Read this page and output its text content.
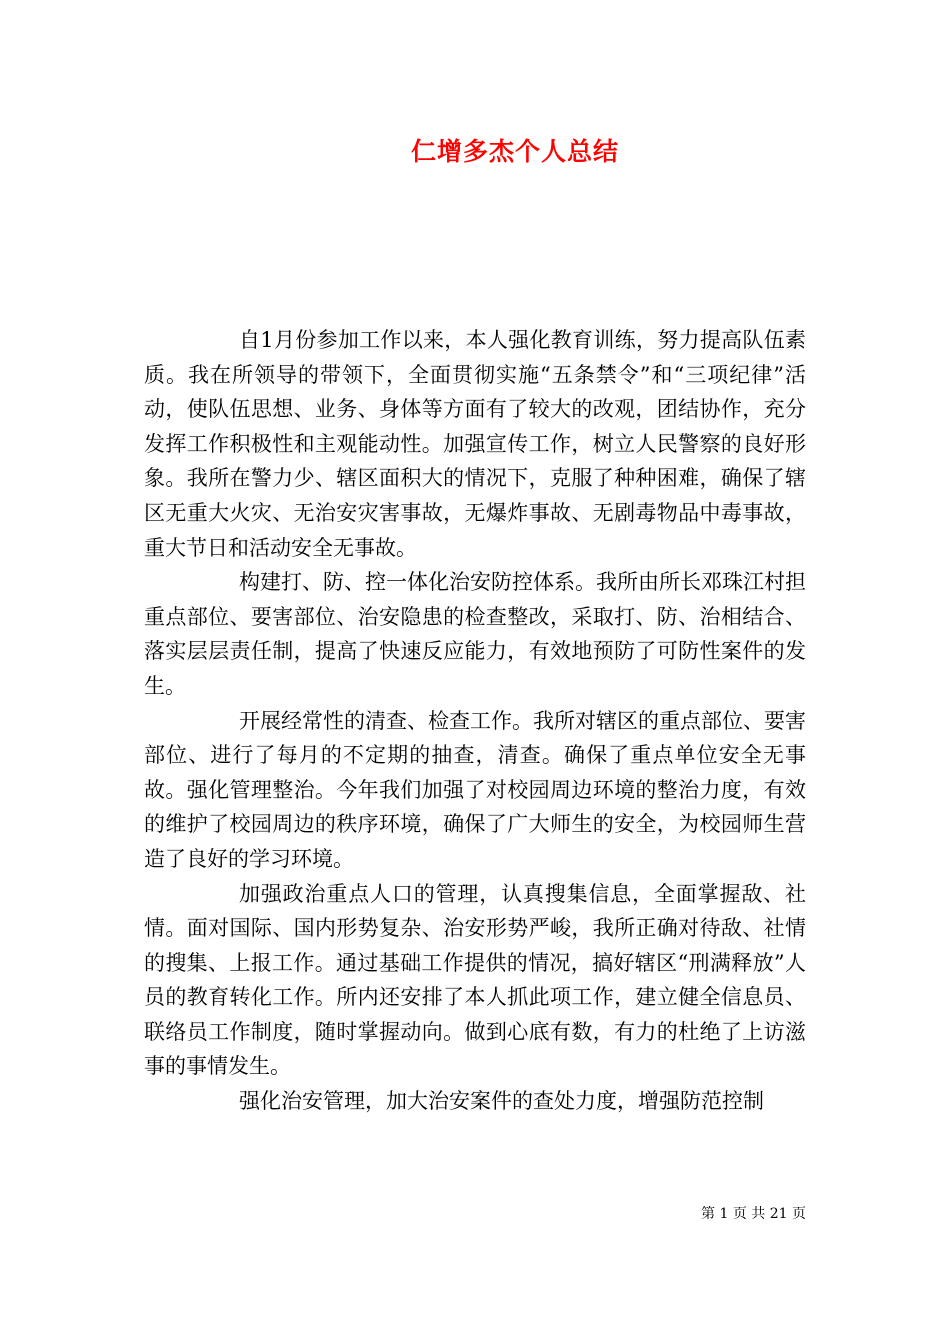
仁增多杰个人总结

自1月份参加工作以来，本人强化教育训练，努力提高队伍素质。我在所领导的带领下，全面贯彻实施“五条禁令”和“三项纪律”活动，使队伍思想、业务、身体等方面有了较大的改观，团结协作，充分发挥工作积极性和主观能动性。加强宣传工作，树立人民警察的良好形象。我所在警力少、辖区面积大的情况下，克服了种种困难，确保了辖区无重大火灾、无治安灾害事故，无爆炸事故、无剧毒物品中毒事故，重大节日和活动安全无事故。

构建打、防、控一体化治安防控体系。我所由所长邓珠江村担重点部位、要害部位、治安隐患的检查整改，采取打、防、治相结合、落实层层责任制，提高了快速反应能力，有效地预防了可防性案件的发生。

开展经常性的清查、检查工作。我所对辖区的重点部位、要害部位、进行了每月的不定期的抽查，清查。确保了重点单位安全无事故。强化管理整治。今年我们加强了对校园周边环境的整治力度，有效的维护了校园周边的秩序环境，确保了广大师生的安全，为校园师生营造了良好的学习环境。

加强政治重点人口的管理，认真搜集信息，全面掌握敌、社情。面对国际、国内形势复杂、治安形势严峻，我所正确对待敌、社情的搜集、上报工作。通过基础工作提供的情况，搞好辖区“刑满释放”人员的教育转化工作。所内还安排了本人抓此项工作，建立健全信息员、联络员工作制度，随时掌握动向。做到心底有数，有力的杜绝了上访滋事的事情发生。

强化治安管理，加大治安案件的查处力度，增强防范控制

第 1 页 共 21 页
